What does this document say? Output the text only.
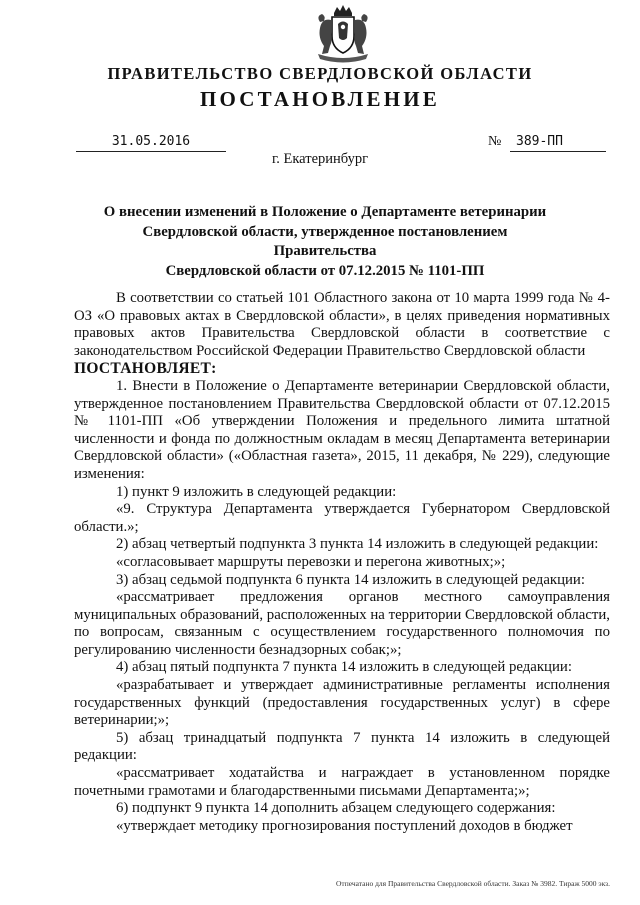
ПРАВИТЕЛЬСТВО СВЕРДЛОВСКОЙ ОБЛАСТИ
ПОСТАНОВЛЕНИЕ
31.05.2016	№	389-ПП
г. Екатеринбург
О внесении изменений в Положение о Департаменте ветеринарии
Свердловской области, утвержденное постановлением Правительства
Свердловской области от 07.12.2015 № 1101-ПП

В соответствии со статьей 101 Областного закона от 10 марта 1999 года № 4-ОЗ «О правовых актах в Свердловской области», в целях приведения нормативных правовых актов Правительства Свердловской области в соответствие с законодательством Российской Федерации Правительство Свердловской области

ПОСТАНОВЛЯЕТ:

1. Внести в Положение о Департаменте ветеринарии Свердловской области, утвержденное постановлением Правительства Свердловской области от 07.12.2015 № 1101-ПП «Об утверждении Положения и предельного лимита штатной численности и фонда по должностным окладам в месяц Департамента ветеринарии Свердловской области» («Областная газета», 2015, 11 декабря, № 229), следующие изменения:

1) пункт 9 изложить в следующей редакции:

«9. Структура Департамента утверждается Губернатором Свердловской области.»;

2) абзац четвертый подпункта 3 пункта 14 изложить в следующей редакции:

«согласовывает маршруты перевозки и перегона животных;»;

3) абзац седьмой подпункта 6 пункта 14 изложить в следующей редакции:

«рассматривает предложения органов местного самоуправления муниципальных образований, расположенных на территории Свердловской области, по вопросам, связанным с осуществлением государственного полномочия по регулированию численности безнадзорных собак;»;

4) абзац пятый подпункта 7 пункта 14 изложить в следующей редакции:

«разрабатывает и утверждает административные регламенты исполнения государственных функций (предоставления государственных услуг) в сфере ветеринарии;»;

5) абзац тринадцатый подпункта 7 пункта 14 изложить в следующей редакции:

«рассматривает ходатайства и награждает в установленном порядке почетными грамотами и благодарственными письмами Департамента;»;

6) подпункт 9 пункта 14 дополнить абзацем следующего содержания:

«утверждает методику прогнозирования поступлений доходов в бюджет

Отпечатано для Правительства Свердловской области. Заказ № 3982. Тираж 5000 экз.
